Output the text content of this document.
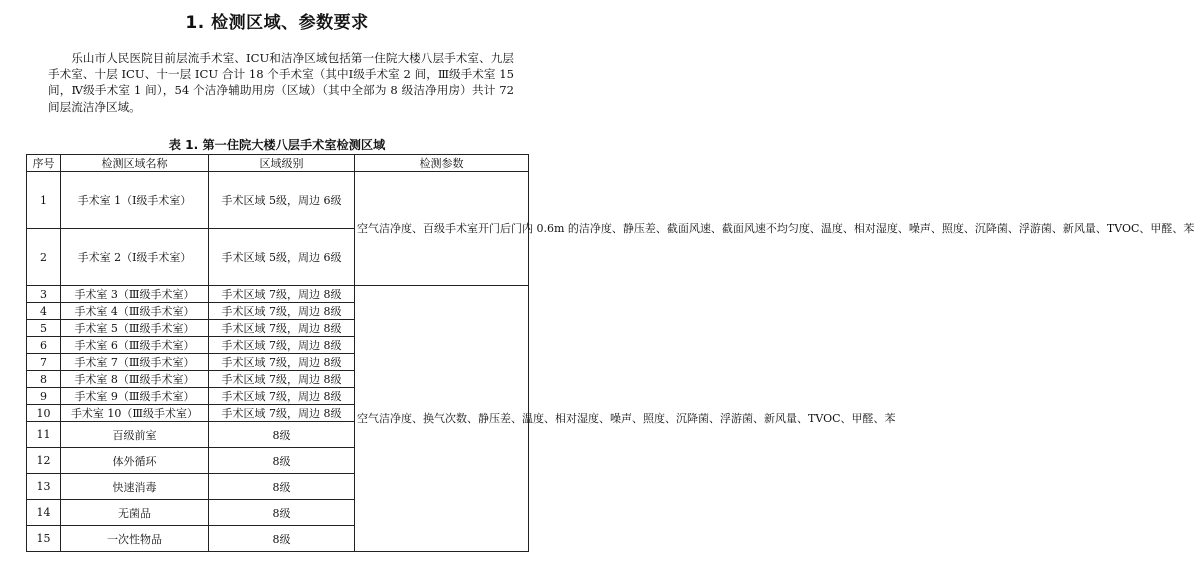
1. 检测区域、参数要求

乐山市人民医院目前层流手术室、ICU和洁净区域包括第一住院大楼八层手术室、九层手术室、十层 ICU、十一层 ICU 合计 18 个手术室（其中Ⅰ级手术室 2 间，Ⅲ级手术室 15 间，Ⅳ级手术室 1 间），54 个洁净辅助用房（区域）（其中全部为 8 级洁净用房）共计 72 间层流洁净区域。

表 1. 第一住院大楼八层手术室检测区域
序号	检测区域名称	区域级别	检测参数
1	手术室 1（Ⅰ级手术室）	手术区域 5级，周边 6级	空气洁净度、百级手术室开门后门内 0.6m 的洁净度、静压差、截面风速、截面风速不均匀度、温度、相对湿度、噪声、照度、沉降菌、浮游菌、新风量、TVOC、甲醛、苯
2	手术室 2（Ⅰ级手术室）	手术区域 5级，周边 6级	
3	手术室 3（Ⅲ级手术室）	手术区域 7级，周边 8级	空气洁净度、换气次数、静压差、温度、相对湿度、噪声、照度、沉降菌、浮游菌、新风量、TVOC、甲醛、苯
4	手术室 4（Ⅲ级手术室）	手术区域 7级，周边 8级	
5	手术室 5（Ⅲ级手术室）	手术区域 7级，周边 8级	
6	手术室 6（Ⅲ级手术室）	手术区域 7级，周边 8级	
7	手术室 7（Ⅲ级手术室）	手术区域 7级，周边 8级	
8	手术室 8（Ⅲ级手术室）	手术区域 7级，周边 8级	
9	手术室 9（Ⅲ级手术室）	手术区域 7级，周边 8级	
10	手术室 10（Ⅲ级手术室）	手术区域 7级，周边 8级	
11	百级前室	8级	
12	体外循环	8级	
13	快速消毒	8级	
14	无菌品	8级	
15	一次性物品	8级	
